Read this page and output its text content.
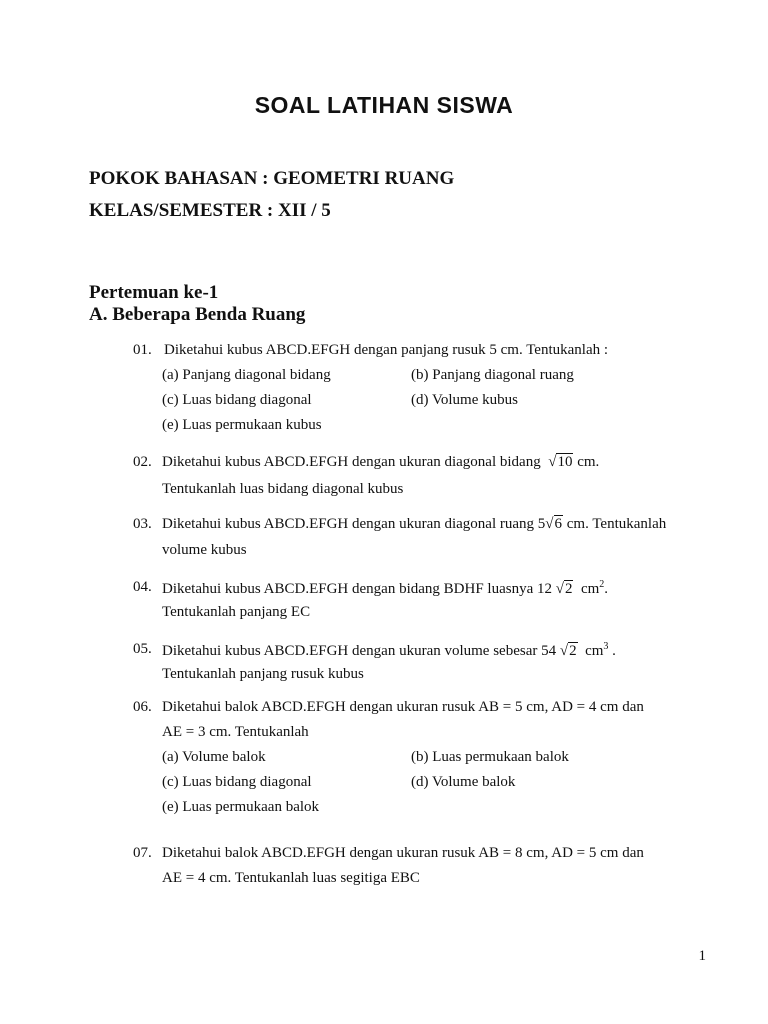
SOAL LATIHAN SISWA
POKOK BAHASAN : GEOMETRI RUANG
KELAS/SEMESTER : XII / 5
Pertemuan ke-1
A. Beberapa Benda Ruang
01. Diketahui kubus ABCD.EFGH dengan panjang rusuk 5 cm. Tentukanlah :
(a) Panjang diagonal bidang	(b) Panjang diagonal ruang
(c) Luas bidang diagonal	(d) Volume kubus
(e) Luas permukaan kubus
02. Diketahui kubus ABCD.EFGH dengan ukuran diagonal bidang √10 cm.
Tentukanlah luas bidang diagonal kubus
03. Diketahui kubus ABCD.EFGH dengan ukuran diagonal ruang 5√6 cm. Tentukanlah
volume kubus
04. Diketahui kubus ABCD.EFGH dengan bidang BDHF luasnya 12 √2 $cm^2$.
Tentukanlah panjang EC
05. Diketahui kubus ABCD.EFGH dengan ukuran volume sebesar 54 √2 $cm^3$ .
Tentukanlah panjang rusuk kubus
06. Diketahui balok ABCD.EFGH dengan ukuran rusuk AB = 5 cm, AD = 4 cm dan
AE = 3 cm. Tentukanlah
(a) Volume balok	(b) Luas permukaan balok
(c) Luas bidang diagonal	(d) Volume balok
(e) Luas permukaan balok
07. Diketahui balok ABCD.EFGH dengan ukuran rusuk AB = 8 cm, AD = 5 cm dan
AE = 4 cm. Tentukanlah luas segitiga EBC
1
